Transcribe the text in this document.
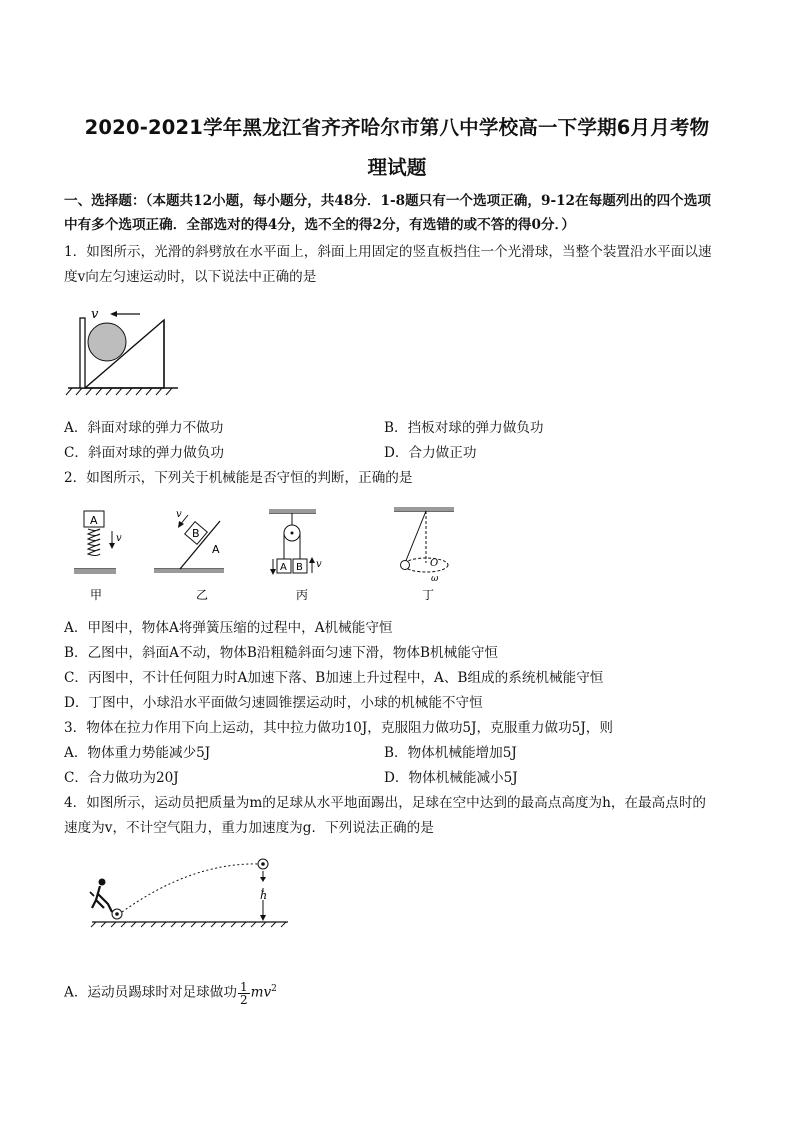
2020-2021学年黑龙江省齐齐哈尔市第八中学校高一下学期6月月考物
理试题
一、选择题：（本题共12小题，每小题分，共48分．1-8题只有一个选项正确，9-12在每题列出的四个选项
中有多个选项正确．全部选对的得4分，选不全的得2分，有选错的或不答的得0分．）
1．如图所示，光滑的斜劈放在水平面上，斜面上用固定的竖直板挡住一个光滑球，当整个装置沿水平面以速
度v向左匀速运动时，以下说法中正确的是
v
A．斜面对球的弹力不做功	B．挡板对球的弹力做负功
C．斜面对球的弹力做负功	D．合力做正功
2．如图所示，下列关于机械能是否守恒的判断，正确的是
A
v	B
v
A
A B v	O
ω
甲	乙	丙	丁
A．甲图中，物体A将弹簧压缩的过程中，A机械能守恒
B．乙图中，斜面A不动，物体B沿粗糙斜面匀速下滑，物体B机械能守恒
C．丙图中，不计任何阻力时A加速下落、B加速上升过程中，A、B组成的系统机械能守恒
D．丁图中，小球沿水平面做匀速圆锥摆运动时，小球的机械能不守恒
3．物体在拉力作用下向上运动，其中拉力做功10J，克服阻力做功5J，克服重力做功5J，则
A．物体重力势能减少5J	B．物体机械能增加5J
C．合力做功为20J	D．物体机械能减小5J
4．如图所示，运动员把质量为m的足球从水平地面踢出，足球在空中达到的最高点高度为h，在最高点时的
速度为v，不计空气阻力，重力加速度为g．下列说法正确的是
h
A．运动员踢球时对足球做功 $\frac{1}{2} mv^2$
